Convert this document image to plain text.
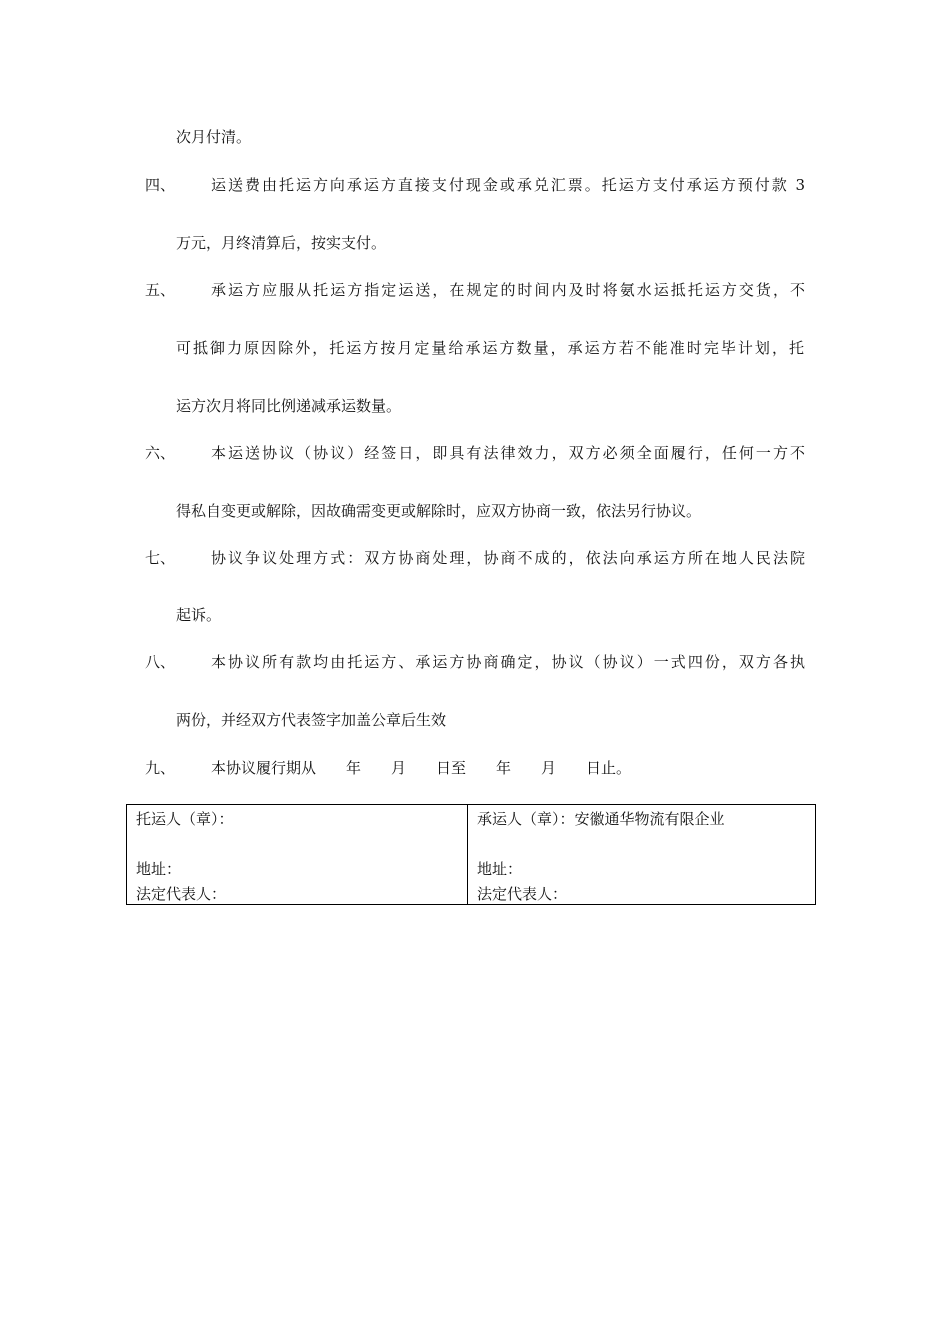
次月付清。
四、 运送费由托运方向承运方直接支付现金或承兑汇票。托运方支付承运方预付款 3
万元，月终清算后，按实支付。
五、 承运方应服从托运方指定运送，在规定的时间内及时将氨水运抵托运方交货，不
可抵御力原因除外，托运方按月定量给承运方数量，承运方若不能准时完毕计划，托
运方次月将同比例递减承运数量。
六、 本运送协议（协议）经签日，即具有法律效力，双方必须全面履行，任何一方不
得私自变更或解除，因故确需变更或解除时，应双方协商一致，依法另行协议。
七、 协议争议处理方式：双方协商处理，协商不成的，依法向承运方所在地人民法院
起诉。
八、 本协议所有款均由托运方、承运方协商确定，协议（协议）一式四份，双方各执
两份，并经双方代表签字加盖公章后生效
九、 本协议履行期从　　年　　月　　日至　　年　　月　　日止。
托运人（章）：
地址：
法定代表人：

承运人（章）：安徽通华物流有限企业
地址：
法定代表人：
